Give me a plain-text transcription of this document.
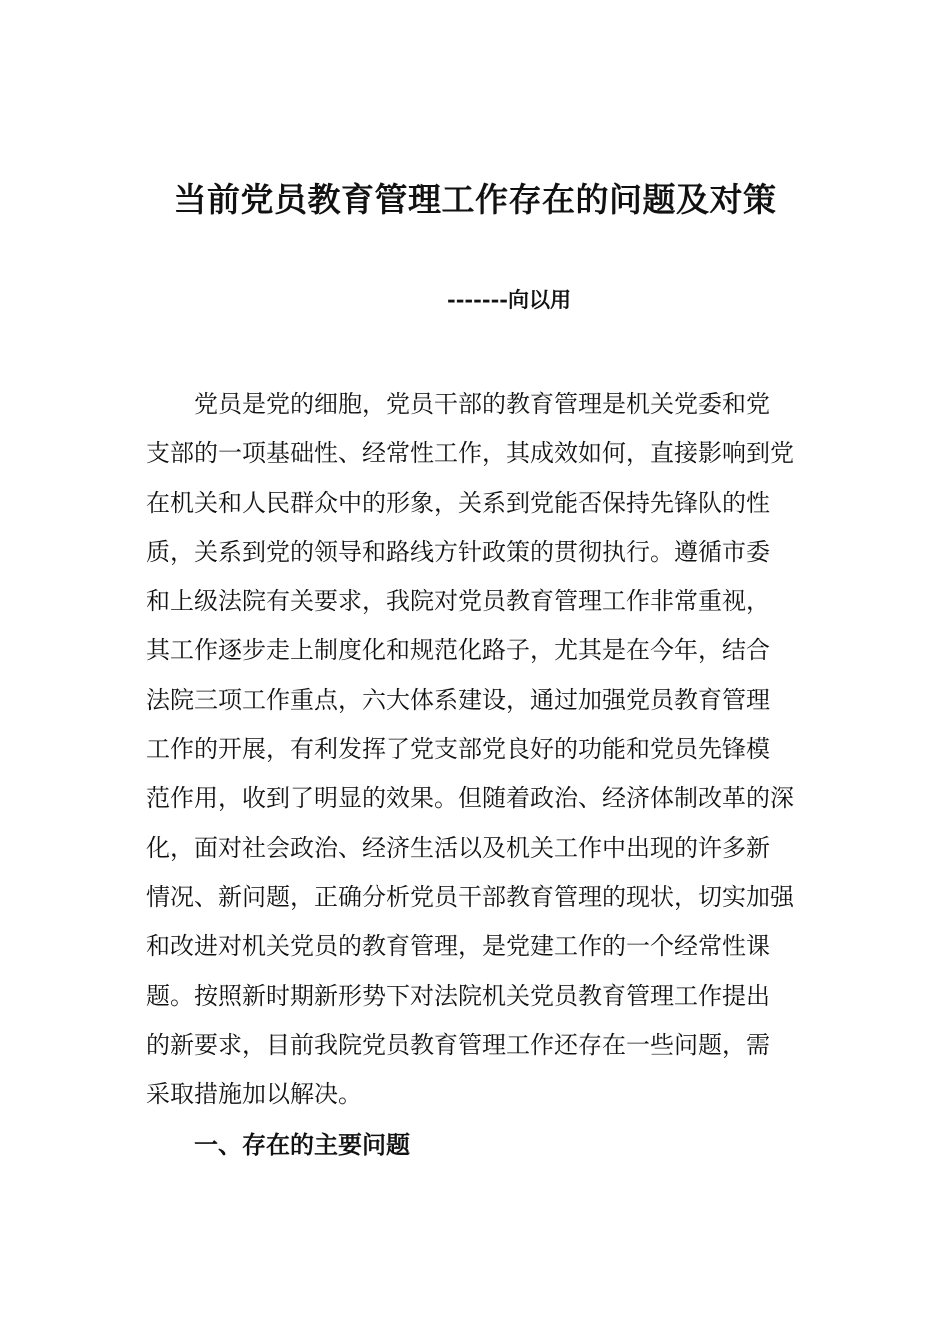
当前党员教育管理工作存在的问题及对策
-------向以用
党员是党的细胞，党员干部的教育管理是机关党委和党
支部的一项基础性、经常性工作，其成效如何，直接影响到党
在机关和人民群众中的形象，关系到党能否保持先锋队的性
质，关系到党的领导和路线方针政策的贯彻执行。遵循市委
和上级法院有关要求，我院对党员教育管理工作非常重视，
其工作逐步走上制度化和规范化路子，尤其是在今年，结合
法院三项工作重点，六大体系建设，通过加强党员教育管理
工作的开展，有利发挥了党支部党良好的功能和党员先锋模
范作用，收到了明显的效果。但随着政治、经济体制改革的深
化，面对社会政治、经济生活以及机关工作中出现的许多新
情况、新问题，正确分析党员干部教育管理的现状，切实加强
和改进对机关党员的教育管理，是党建工作的一个经常性课
题。按照新时期新形势下对法院机关党员教育管理工作提出
的新要求，目前我院党员教育管理工作还存在一些问题，需
采取措施加以解决。
一、存在的主要问题
